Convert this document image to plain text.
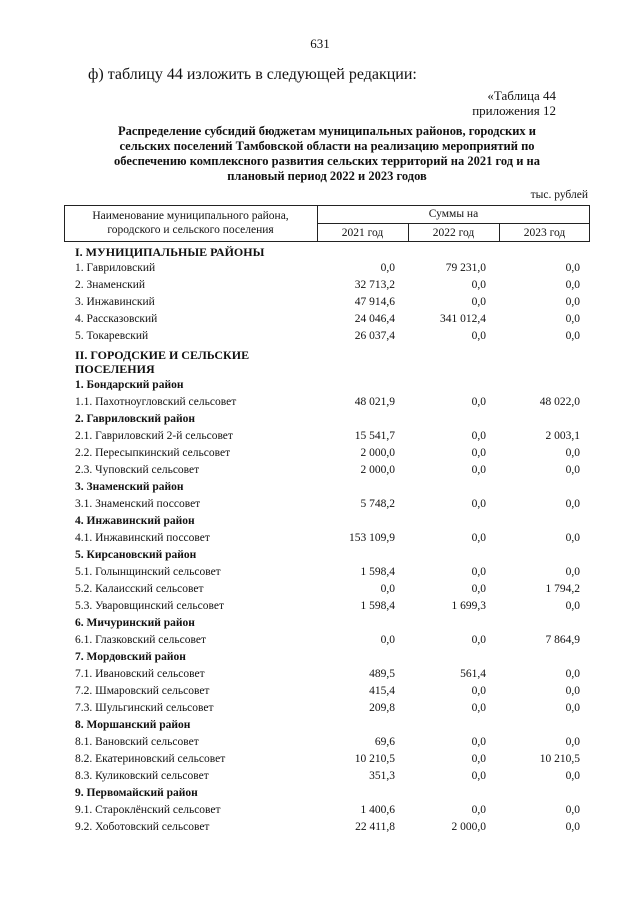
631
ф) таблицу 44 изложить в следующей редакции:
«Таблица 44
приложения 12
Распределение субсидий бюджетам муниципальных районов, городских и
сельских поселений Тамбовской области на реализацию мероприятий по
обеспечению комплексного развития сельских территорий на 2021 год и на
плановый период 2022 и 2023 годов
тыс. рублей
Наименование муниципального района,
городского и сельского поселения
Суммы на
2021 год	2022 год	2023 год
I. МУНИЦИПАЛЬНЫЕ РАЙОНЫ
1. Гавриловский	0,0	79 231,0	0,0
2. Знаменский	32 713,2	0,0	0,0
3. Инжавинский	47 914,6	0,0	0,0
4. Рассказовский	24 046,4	341 012,4	0,0
5. Токаревский	26 037,4	0,0	0,0
II. ГОРОДСКИЕ И СЕЛЬСКИЕ
ПОСЕЛЕНИЯ
1. Бондарский район
1.1. Пахотноугловский сельсовет	48 021,9	0,0	48 022,0
2. Гавриловский район
2.1. Гавриловский 2-й сельсовет	15 541,7	0,0	2 003,1
2.2. Пересыпкинский сельсовет	2 000,0	0,0	0,0
2.3. Чуповский сельсовет	2 000,0	0,0	0,0
3. Знаменский район
3.1. Знаменский поссовет	5 748,2	0,0	0,0
4. Инжавинский район
4.1. Инжавинский поссовет	153 109,9	0,0	0,0
5. Кирсановский район
5.1. Голынщинский сельсовет	1 598,4	0,0	0,0
5.2. Калаисский сельсовет	0,0	0,0	1 794,2
5.3. Уваровщинский сельсовет	1 598,4	1 699,3	0,0
6. Мичуринский район
6.1. Глазковский сельсовет	0,0	0,0	7 864,9
7. Мордовский район
7.1. Ивановский сельсовет	489,5	561,4	0,0
7.2. Шмаровский сельсовет	415,4	0,0	0,0
7.3. Шульгинский сельсовет	209,8	0,0	0,0
8. Моршанский район
8.1. Вановский сельсовет	69,6	0,0	0,0
8.2. Екатериновский сельсовет	10 210,5	0,0	10 210,5
8.3. Куликовский сельсовет	351,3	0,0	0,0
9. Первомайский район
9.1. Староклёнский сельсовет	1 400,6	0,0	0,0
9.2. Хоботовский сельсовет	22 411,8	2 000,0	0,0
